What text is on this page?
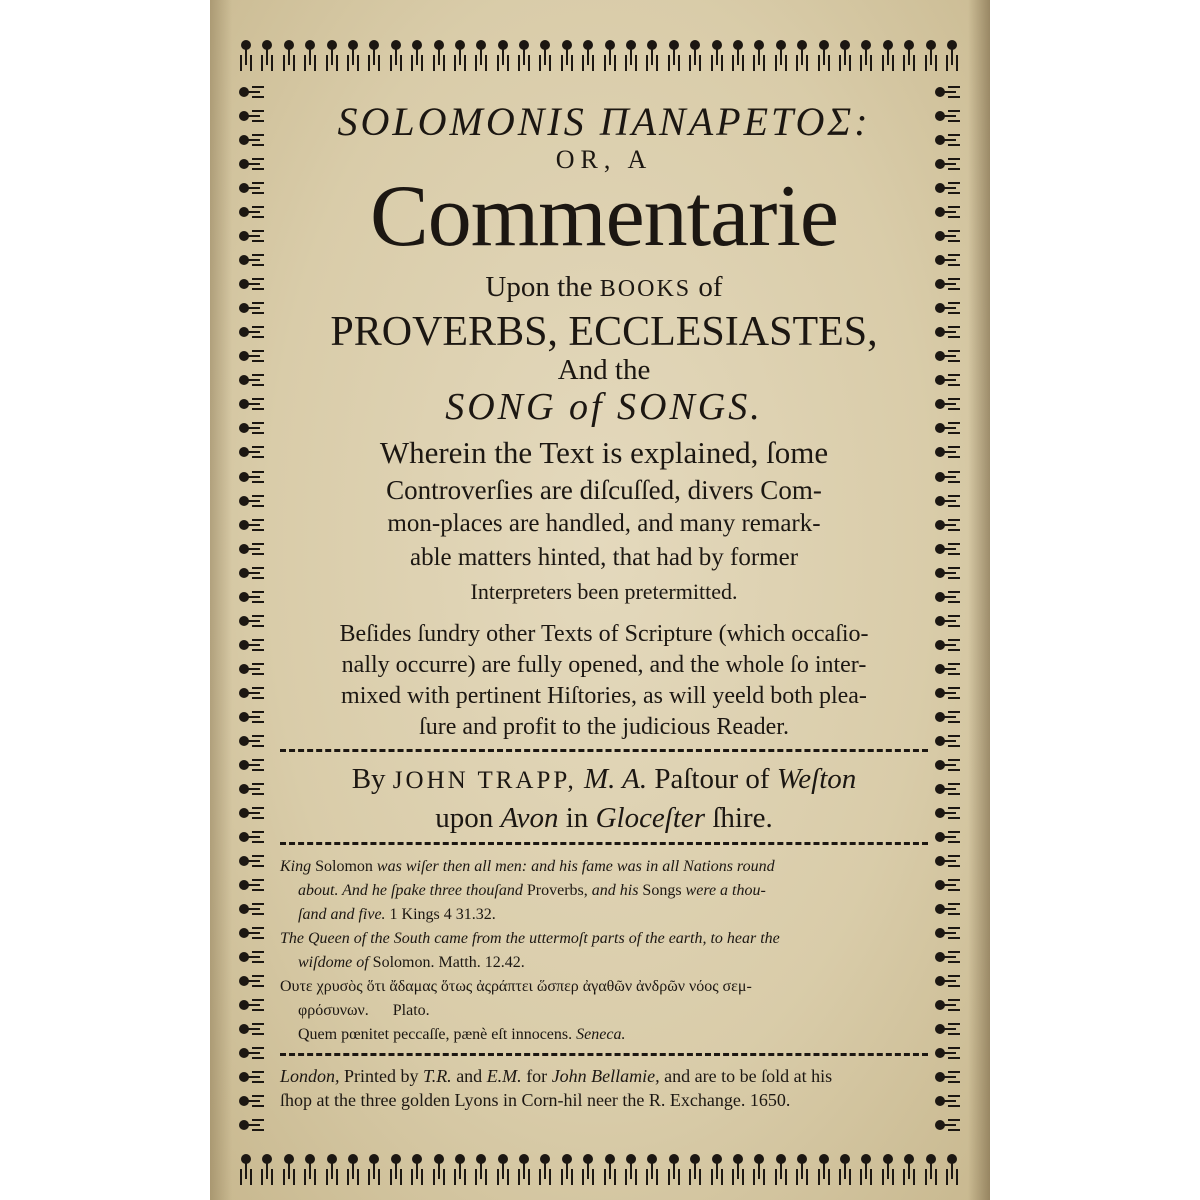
SOLOMONIS ΠΑΝΑΡΕΤΟΣ:

OR, A

Commentarie

Upon the BOOKS of

PROVERBS, ECCLESIASTES,

And the

SONG of SONGS.

Wherein the Text is explained, ſome

Controverſies are diſcuſſed, divers Com-

mon-places are handled, and many remark-

able matters hinted, that had by former

Interpreters been pretermitted.

Beſides ſundry other Texts of Scripture (which occaſio-

nally occurre) are fully opened, and the whole ſo inter-

mixed with pertinent Hiſtories, as will yeeld both plea-

ſure and profit to the judicious Reader.

By JOHN TRAPP, M. A. Paſtour of Weſton

upon Avon in Gloceſter ſhire.

King Solomon was wiſer then all men: and his fame was in all Nations round
about. And he ſpake three thouſand Proverbs, and his Songs were a thou-
ſand and five. 1 Kings 4 31.32.
The Queen of the South came from the uttermoſt parts of the earth, to hear the
wiſdome of Solomon. Matth. 12.42.
Ουτε χρυσὸς ὅτι ἄδαμας ὅτως ἀςράπτει ὥσπερ ἀγαθῶν ἀνδρῶν νόος σεμ-
φρόσυνων. Plato.
Quem pœnitet peccaſſe, pænè eſt innocens. Seneca.
London, Printed by T.R. and E.M. for John Bellamie, and are to be ſold at his
ſhop at the three golden Lyons in Corn-hil neer the R. Exchange. 1650.
